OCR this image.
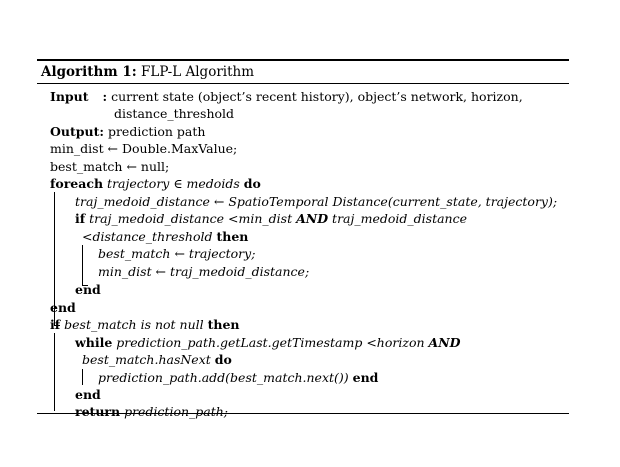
Algorithm 1: FLP-L Algorithm
Input : current state (object’s recent history), object’s network, horizon,
distance_threshold
Output: prediction path
min_dist ← Double.MaxValue;
best_match ← null;
foreach trajectory ∈ medoids do
traj_medoid_distance ← SpatioTemporal Distance(current_state, trajectory);
if traj_medoid_distance <min_dist AND traj_medoid_distance
<distance_threshold then
best_match ← trajectory;
min_dist ← traj_medoid_distance;
end
end
if best_match is not null then
while prediction_path.getLast.getTimestamp <horizon AND
best_match.hasNext do
prediction_path.add(best_match.next()) end
end
return prediction_path;
